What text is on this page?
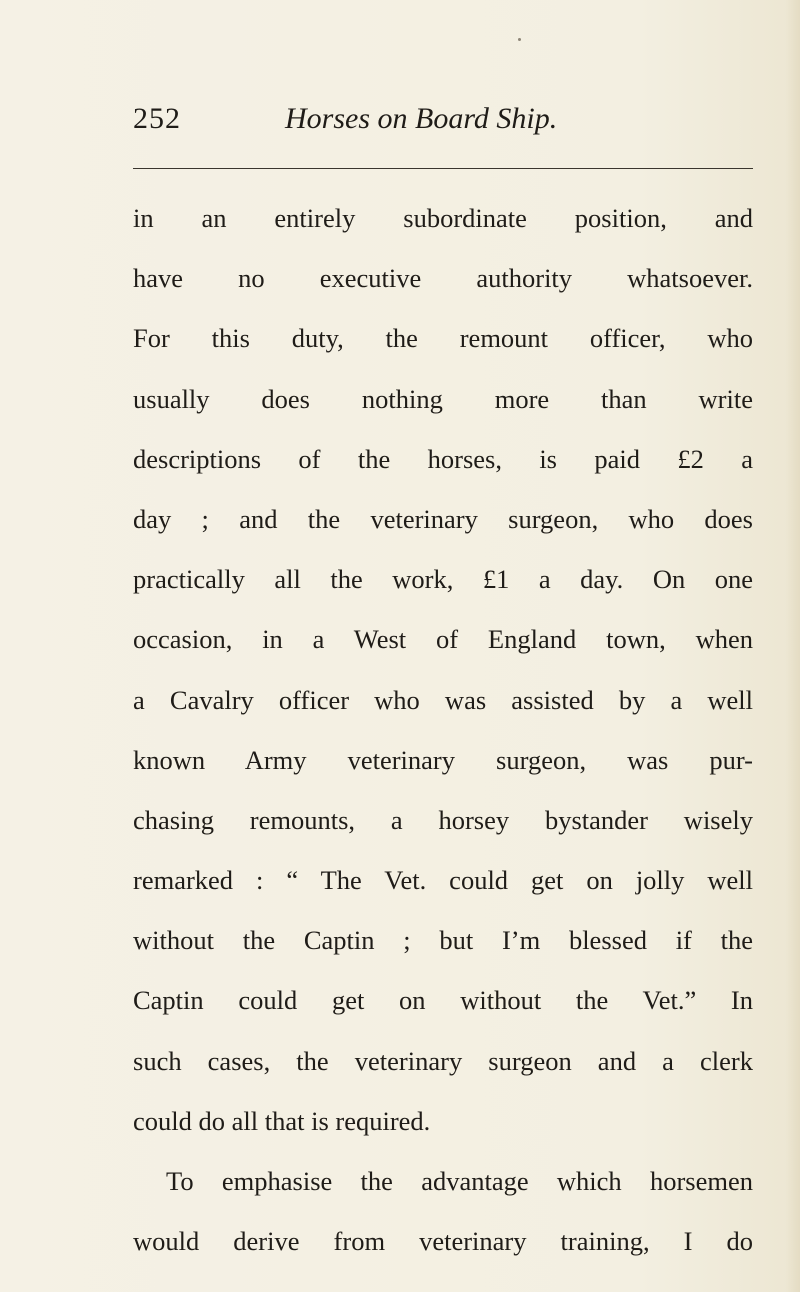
252	Horses on Board Ship.
in an entirely subordinate position, and
have no executive authority whatsoever.
For this duty, the remount officer, who
usually does nothing more than write
descriptions of the horses, is paid £2 a
day ; and the veterinary surgeon, who does
practically all the work, £1 a day. On one
occasion, in a West of England town, when
a Cavalry officer who was assisted by a well
known Army veterinary surgeon, was pur-
chasing remounts, a horsey bystander wisely
remarked : “ The Vet. could get on jolly well
without the Captin ; but I’m blessed if the
Captin could get on without the Vet.” In
such cases, the veterinary surgeon and a clerk
could do all that is required.
To emphasise the advantage which horsemen
would derive from veterinary training, I do
